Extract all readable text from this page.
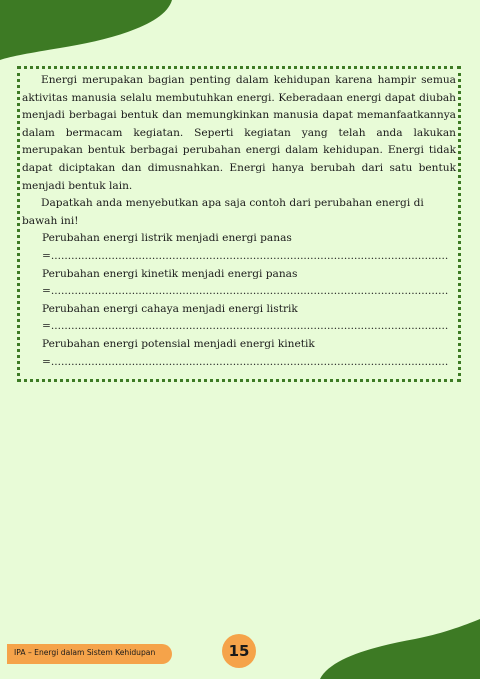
Energi merupakan bagian penting dalam kehidupan karena hampir semua aktivitas manusia selalu membutuhkan energi. Keberadaan energi dapat diubah menjadi berbagai bentuk dan memungkinkan manusia dapat memanfaatkannya dalam bermacam kegiatan. Seperti kegiatan yang telah anda lakukan merupakan bentuk berbagai perubahan energi dalam kehidupan. Energi tidak dapat diciptakan dan dimusnahkan. Energi hanya berubah dari satu bentuk menjadi bentuk lain.

Dapatkah anda menyebutkan apa saja contoh dari perubahan energi di bawah ini!

Perubahan energi listrik menjadi energi panas

=......................................................................................................................

Perubahan energi kinetik menjadi energi panas

=......................................................................................................................

Perubahan energi cahaya menjadi energi listrik

=......................................................................................................................

Perubahan energi potensial menjadi energi kinetik

=......................................................................................................................

IPA – Energi dalam Sistem Kehidupan	15
